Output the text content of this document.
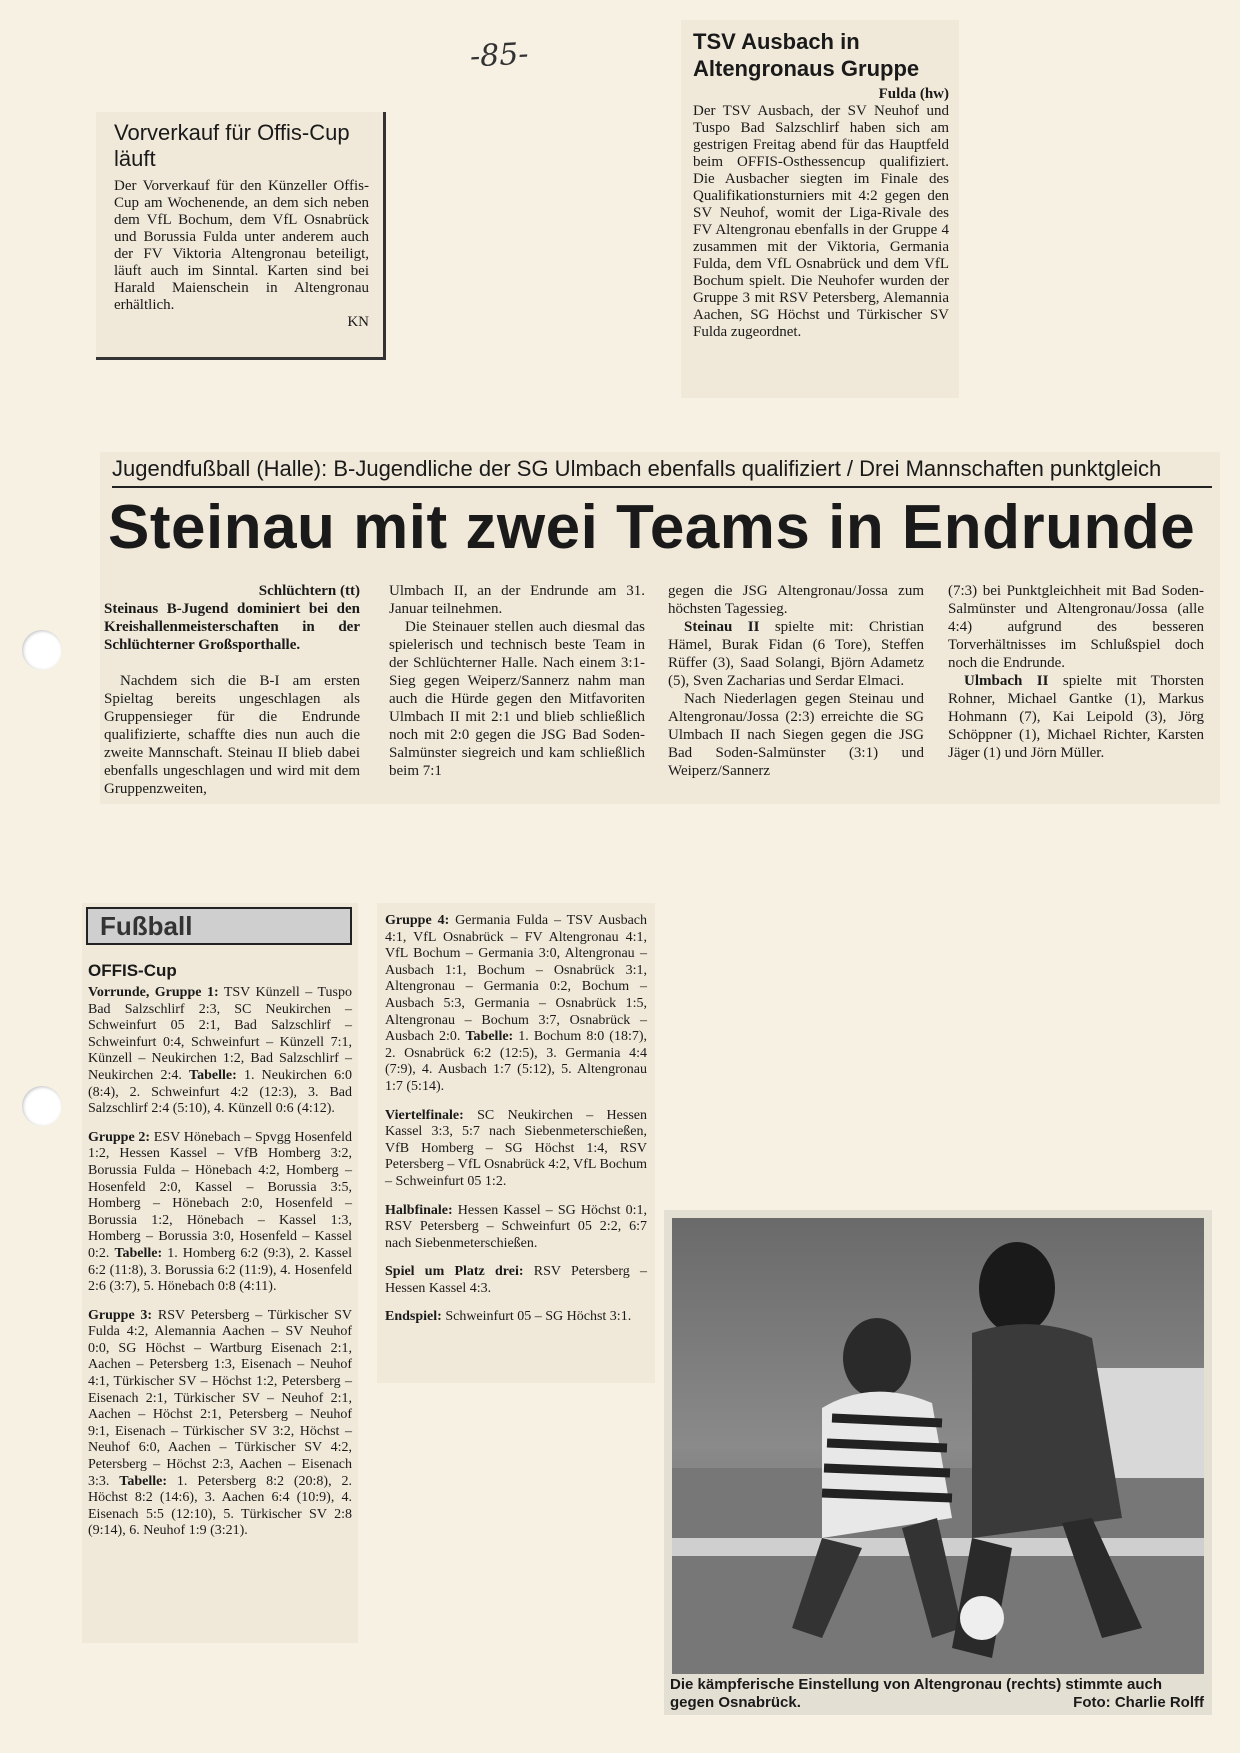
-85-
Vorverkauf für Offis-Cup läuft

Der Vorverkauf für den Künzeller Offis-Cup am Wochenende, an dem sich neben dem VfL Bochum, dem VfL Osnabrück und Borussia Fulda unter anderem auch der FV Viktoria Altengronau beteiligt, läuft auch im Sinntal. Karten sind bei Harald Maienschein in Altengronau erhältlich.
KN

TSV Ausbach in Altengronaus Gruppe
Fulda (hw)

Der TSV Ausbach, der SV Neuhof und Tuspo Bad Salzschlirf haben sich am gestrigen Freitag abend für das Hauptfeld beim OFFIS-Osthessencup qualifiziert. Die Ausbacher siegten im Finale des Qualifikationsturniers mit 4:2 gegen den SV Neuhof, womit der Liga-Rivale des FV Altengronau ebenfalls in der Gruppe 4 zusammen mit der Viktoria, Germania Fulda, dem VfL Osnabrück und dem VfL Bochum spielt. Die Neuhofer wurden der Gruppe 3 mit RSV Petersberg, Alemannia Aachen, SG Höchst und Türkischer SV Fulda zugeordnet.

Jugendfußball (Halle): B-Jugendliche der SG Ulmbach ebenfalls qualifiziert / Drei Mannschaften punktgleich
Steinau mit zwei Teams in Endrunde

Schlüchtern (tt)

Steinaus B-Jugend dominiert bei den Kreishallenmeisterschaften in der Schlüchterner Großsporthalle.

Nachdem sich die B-I am ersten Spieltag bereits ungeschlagen als Gruppensieger für die Endrunde qualifizierte, schaffte dies nun auch die zweite Mannschaft. Steinau II blieb dabei ebenfalls ungeschlagen und wird mit dem Gruppenzweiten,

Ulmbach II, an der Endrunde am 31. Januar teilnehmen.

Die Steinauer stellen auch diesmal das spielerisch und technisch beste Team in der Schlüchterner Halle. Nach einem 3:1-Sieg gegen Weiperz/Sannerz nahm man auch die Hürde gegen den Mitfavoriten Ulmbach II mit 2:1 und blieb schließlich noch mit 2:0 gegen die JSG Bad Soden-Salmünster siegreich und kam schließlich beim 7:1

gegen die JSG Altengronau/Jossa zum höchsten Tagessieg.

Steinau II spielte mit: Christian Hämel, Burak Fidan (6 Tore), Steffen Rüffer (3), Saad Solangi, Björn Adametz (5), Sven Zacharias und Serdar Elmaci.

Nach Niederlagen gegen Steinau und Altengronau/Jossa (2:3) erreichte die SG Ulmbach II nach Siegen gegen die JSG Bad Soden-Salmünster (3:1) und Weiperz/Sannerz

(7:3) bei Punktgleichheit mit Bad Soden-Salmünster und Altengronau/Jossa (alle 4:4) aufgrund des besseren Torverhältnisses im Schlußspiel doch noch die Endrunde.

Ulmbach II spielte mit Thorsten Rohner, Michael Gantke (1), Markus Hohmann (7), Kai Leipold (3), Jörg Schöppner (1), Michael Richter, Karsten Jäger (1) und Jörn Müller.

Fußball
OFFIS-Cup

Vorrunde, Gruppe 1: TSV Künzell – Tuspo Bad Salzschlirf 2:3, SC Neukirchen – Schweinfurt 05 2:1, Bad Salzschlirf – Schweinfurt 0:4, Schweinfurt – Künzell 7:1, Künzell – Neukirchen 1:2, Bad Salzschlirf – Neukirchen 2:4. Tabelle: 1. Neukirchen 6:0 (8:4), 2. Schweinfurt 4:2 (12:3), 3. Bad Salzschlirf 2:4 (5:10), 4. Künzell 0:6 (4:12).

Gruppe 2: ESV Hönebach – Spvgg Hosenfeld 1:2, Hessen Kassel – VfB Homberg 3:2, Borussia Fulda – Hönebach 4:2, Homberg – Hosenfeld 2:0, Kassel – Borussia 3:5, Homberg – Hönebach 2:0, Hosenfeld – Borussia 1:2, Hönebach – Kassel 1:3, Homberg – Borussia 3:0, Hosenfeld – Kassel 0:2. Tabelle: 1. Homberg 6:2 (9:3), 2. Kassel 6:2 (11:8), 3. Borussia 6:2 (11:9), 4. Hosenfeld 2:6 (3:7), 5. Hönebach 0:8 (4:11).

Gruppe 3: RSV Petersberg – Türkischer SV Fulda 4:2, Alemannia Aachen – SV Neuhof 0:0, SG Höchst – Wartburg Eisenach 2:1, Aachen – Petersberg 1:3, Eisenach – Neuhof 4:1, Türkischer SV – Höchst 1:2, Petersberg – Eisenach 2:1, Türkischer SV – Neuhof 2:1, Aachen – Höchst 2:1, Petersberg – Neuhof 9:1, Eisenach – Türkischer SV 3:2, Höchst – Neuhof 6:0, Aachen – Türkischer SV 4:2, Petersberg – Höchst 2:3, Aachen – Eisenach 3:3. Tabelle: 1. Petersberg 8:2 (20:8), 2. Höchst 8:2 (14:6), 3. Aachen 6:4 (10:9), 4. Eisenach 5:5 (12:10), 5. Türkischer SV 2:8 (9:14), 6. Neuhof 1:9 (3:21).

Gruppe 4: Germania Fulda – TSV Ausbach 4:1, VfL Osnabrück – FV Altengronau 4:1, VfL Bochum – Germania 3:0, Altengronau – Ausbach 1:1, Bochum – Osnabrück 3:1, Altengronau – Germania 0:2, Bochum – Ausbach 5:3, Germania – Osnabrück 1:5, Altengronau – Bochum 3:7, Osnabrück – Ausbach 2:0. Tabelle: 1. Bochum 8:0 (18:7), 2. Osnabrück 6:2 (12:5), 3. Germania 4:4 (7:9), 4. Ausbach 1:7 (5:12), 5. Altengronau 1:7 (5:14).

Viertelfinale: SC Neukirchen – Hessen Kassel 3:3, 5:7 nach Siebenmeterschießen, VfB Homberg – SG Höchst 1:4, RSV Petersberg – VfL Osnabrück 4:2, VfL Bochum – Schweinfurt 05 1:2.

Halbfinale: Hessen Kassel – SG Höchst 0:1, RSV Petersberg – Schweinfurt 05 2:2, 6:7 nach Siebenmeterschießen.

Spiel um Platz drei: RSV Petersberg – Hessen Kassel 4:3.

Endspiel: Schweinfurt 05 – SG Höchst 3:1.

Die kämpferische Einstellung von Altengronau (rechts) stimmte auch gegen Osnabrück.	Foto: Charlie Rolff
